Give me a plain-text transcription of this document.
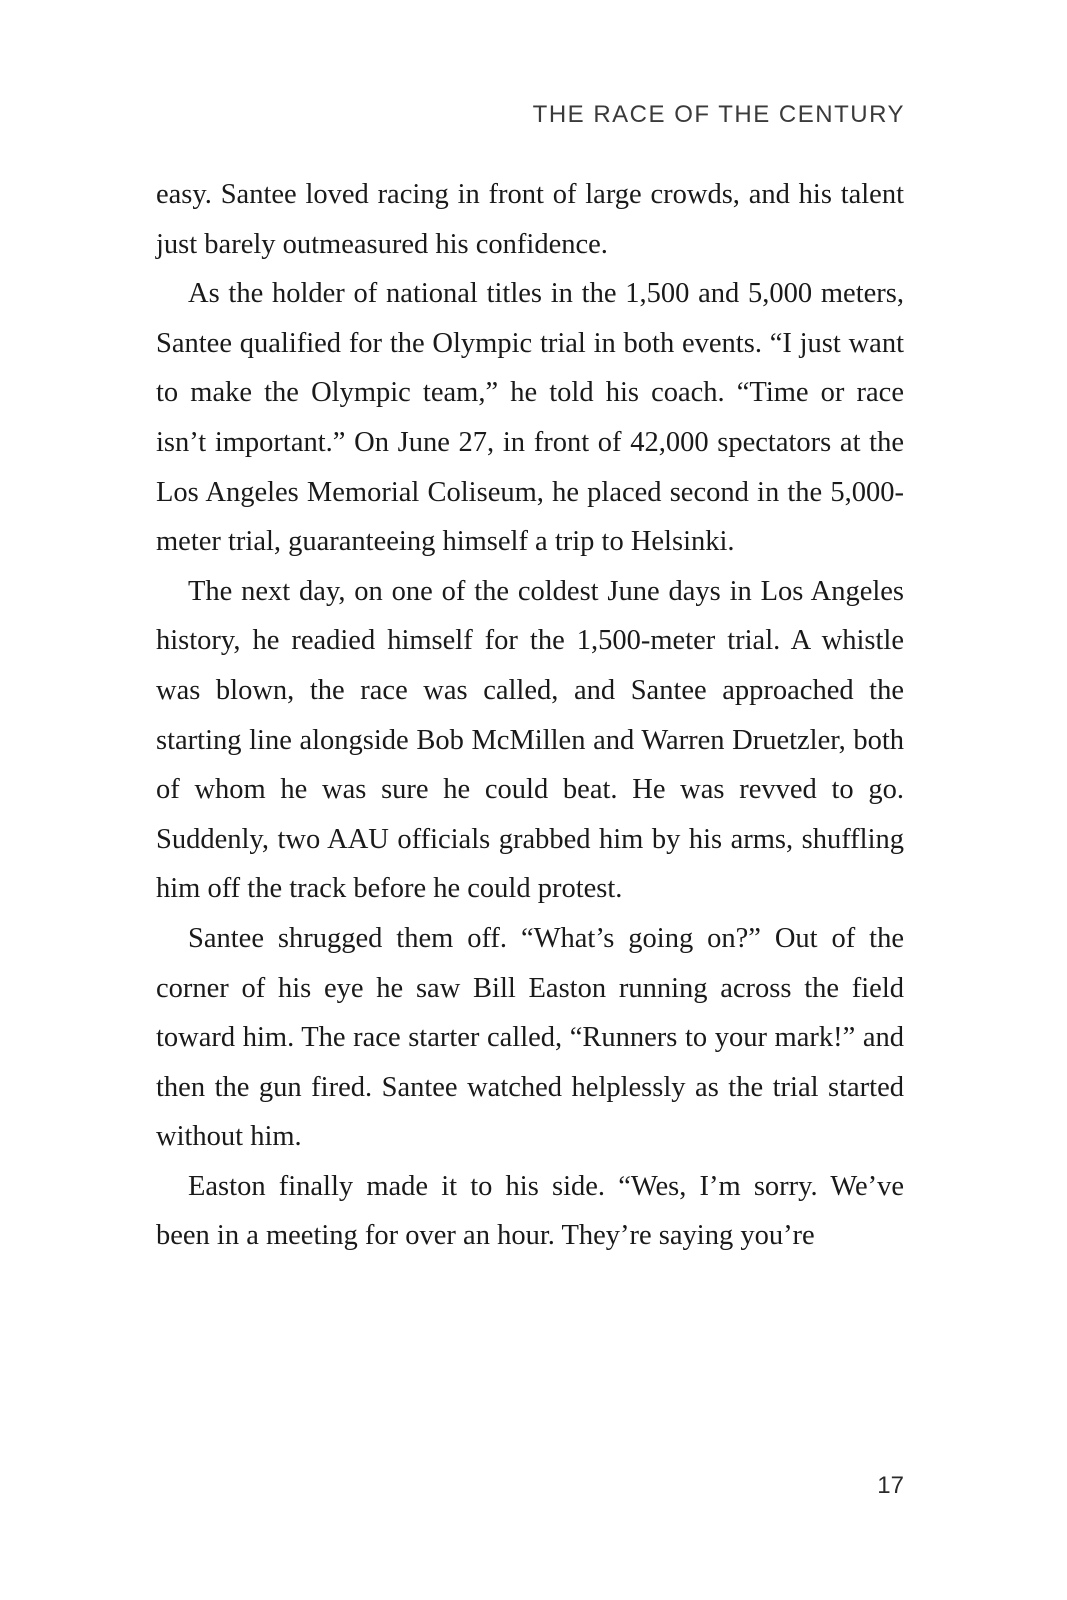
THE RACE OF THE CENTURY

easy. Santee loved racing in front of large crowds, and his talent just barely outmeasured his confidence.

As the holder of national titles in the 1,500 and 5,000 meters, Santee qualified for the Olympic trial in both events. “I just want to make the Olympic team,” he told his coach. “Time or race isn’t important.” On June 27, in front of 42,000 spectators at the Los Angeles Memorial Coliseum, he placed second in the 5,000-meter trial, guaranteeing himself a trip to Helsinki.

The next day, on one of the coldest June days in Los Angeles history, he readied himself for the 1,500-meter trial. A whistle was blown, the race was called, and Santee approached the starting line alongside Bob McMillen and Warren Druetzler, both of whom he was sure he could beat. He was revved to go. Suddenly, two AAU officials grabbed him by his arms, shuffling him off the track before he could protest.

Santee shrugged them off. “What’s going on?” Out of the corner of his eye he saw Bill Easton running across the field toward him. The race starter called, “Runners to your mark!” and then the gun fired. Santee watched helplessly as the trial started without him.

Easton finally made it to his side. “Wes, I’m sorry. We’ve been in a meeting for over an hour. They’re saying you’re

17
